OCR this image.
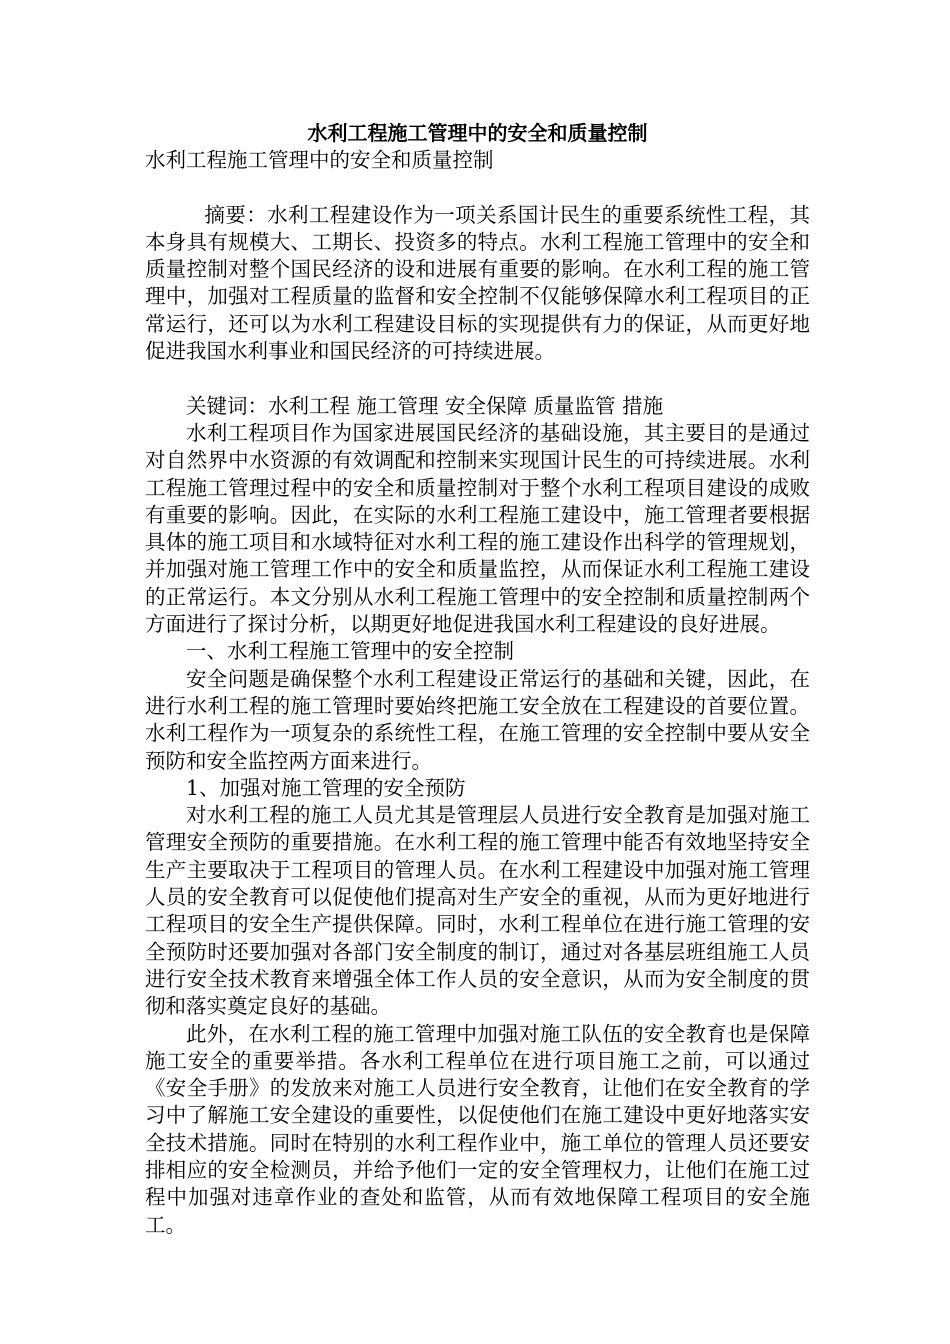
水利工程施工管理中的安全和质量控制

水利工程施工管理中的安全和质量控制

摘要：水利工程建设作为一项关系国计民生的重要系统性工程，其本身具有规模大、工期长、投资多的特点。水利工程施工管理中的安全和质量控制对整个国民经济的设和进展有重要的影响。在水利工程的施工管理中，加强对工程质量的监督和安全控制不仅能够保障水利工程项目的正常运行，还可以为水利工程建设目标的实现提供有力的保证，从而更好地促进我国水利事业和国民经济的可持续进展。

关键词：水利工程 施工管理 安全保障 质量监管 措施

水利工程项目作为国家进展国民经济的基础设施，其主要目的是通过对自然界中水资源的有效调配和控制来实现国计民生的可持续进展。水利工程施工管理过程中的安全和质量控制对于整个水利工程项目建设的成败有重要的影响。因此，在实际的水利工程施工建设中，施工管理者要根据具体的施工项目和水域特征对水利工程的施工建设作出科学的管理规划，并加强对施工管理工作中的安全和质量监控，从而保证水利工程施工建设的正常运行。本文分别从水利工程施工管理中的安全控制和质量控制两个方面进行了探讨分析，以期更好地促进我国水利工程建设的良好进展。

一、水利工程施工管理中的安全控制

安全问题是确保整个水利工程建设正常运行的基础和关键，因此，在进行水利工程的施工管理时要始终把施工安全放在工程建设的首要位置。水利工程作为一项复杂的系统性工程，在施工管理的安全控制中要从安全预防和安全监控两方面来进行。

1、加强对施工管理的安全预防

对水利工程的施工人员尤其是管理层人员进行安全教育是加强对施工管理安全预防的重要措施。在水利工程的施工管理中能否有效地坚持安全生产主要取决于工程项目的管理人员。在水利工程建设中加强对施工管理人员的安全教育可以促使他们提高对生产安全的重视，从而为更好地进行工程项目的安全生产提供保障。同时，水利工程单位在进行施工管理的安全预防时还要加强对各部门安全制度的制订，通过对各基层班组施工人员进行安全技术教育来增强全体工作人员的安全意识，从而为安全制度的贯彻和落实奠定良好的基础。

此外，在水利工程的施工管理中加强对施工队伍的安全教育也是保障施工安全的重要举措。各水利工程单位在进行项目施工之前，可以通过《安全手册》的发放来对施工人员进行安全教育，让他们在安全教育的学习中了解施工安全建设的重要性，以促使他们在施工建设中更好地落实安全技术措施。同时在特别的水利工程作业中，施工单位的管理人员还要安排相应的安全检测员，并给予他们一定的安全管理权力，让他们在施工过程中加强对违章作业的查处和监管，从而有效地保障工程项目的安全施工。
